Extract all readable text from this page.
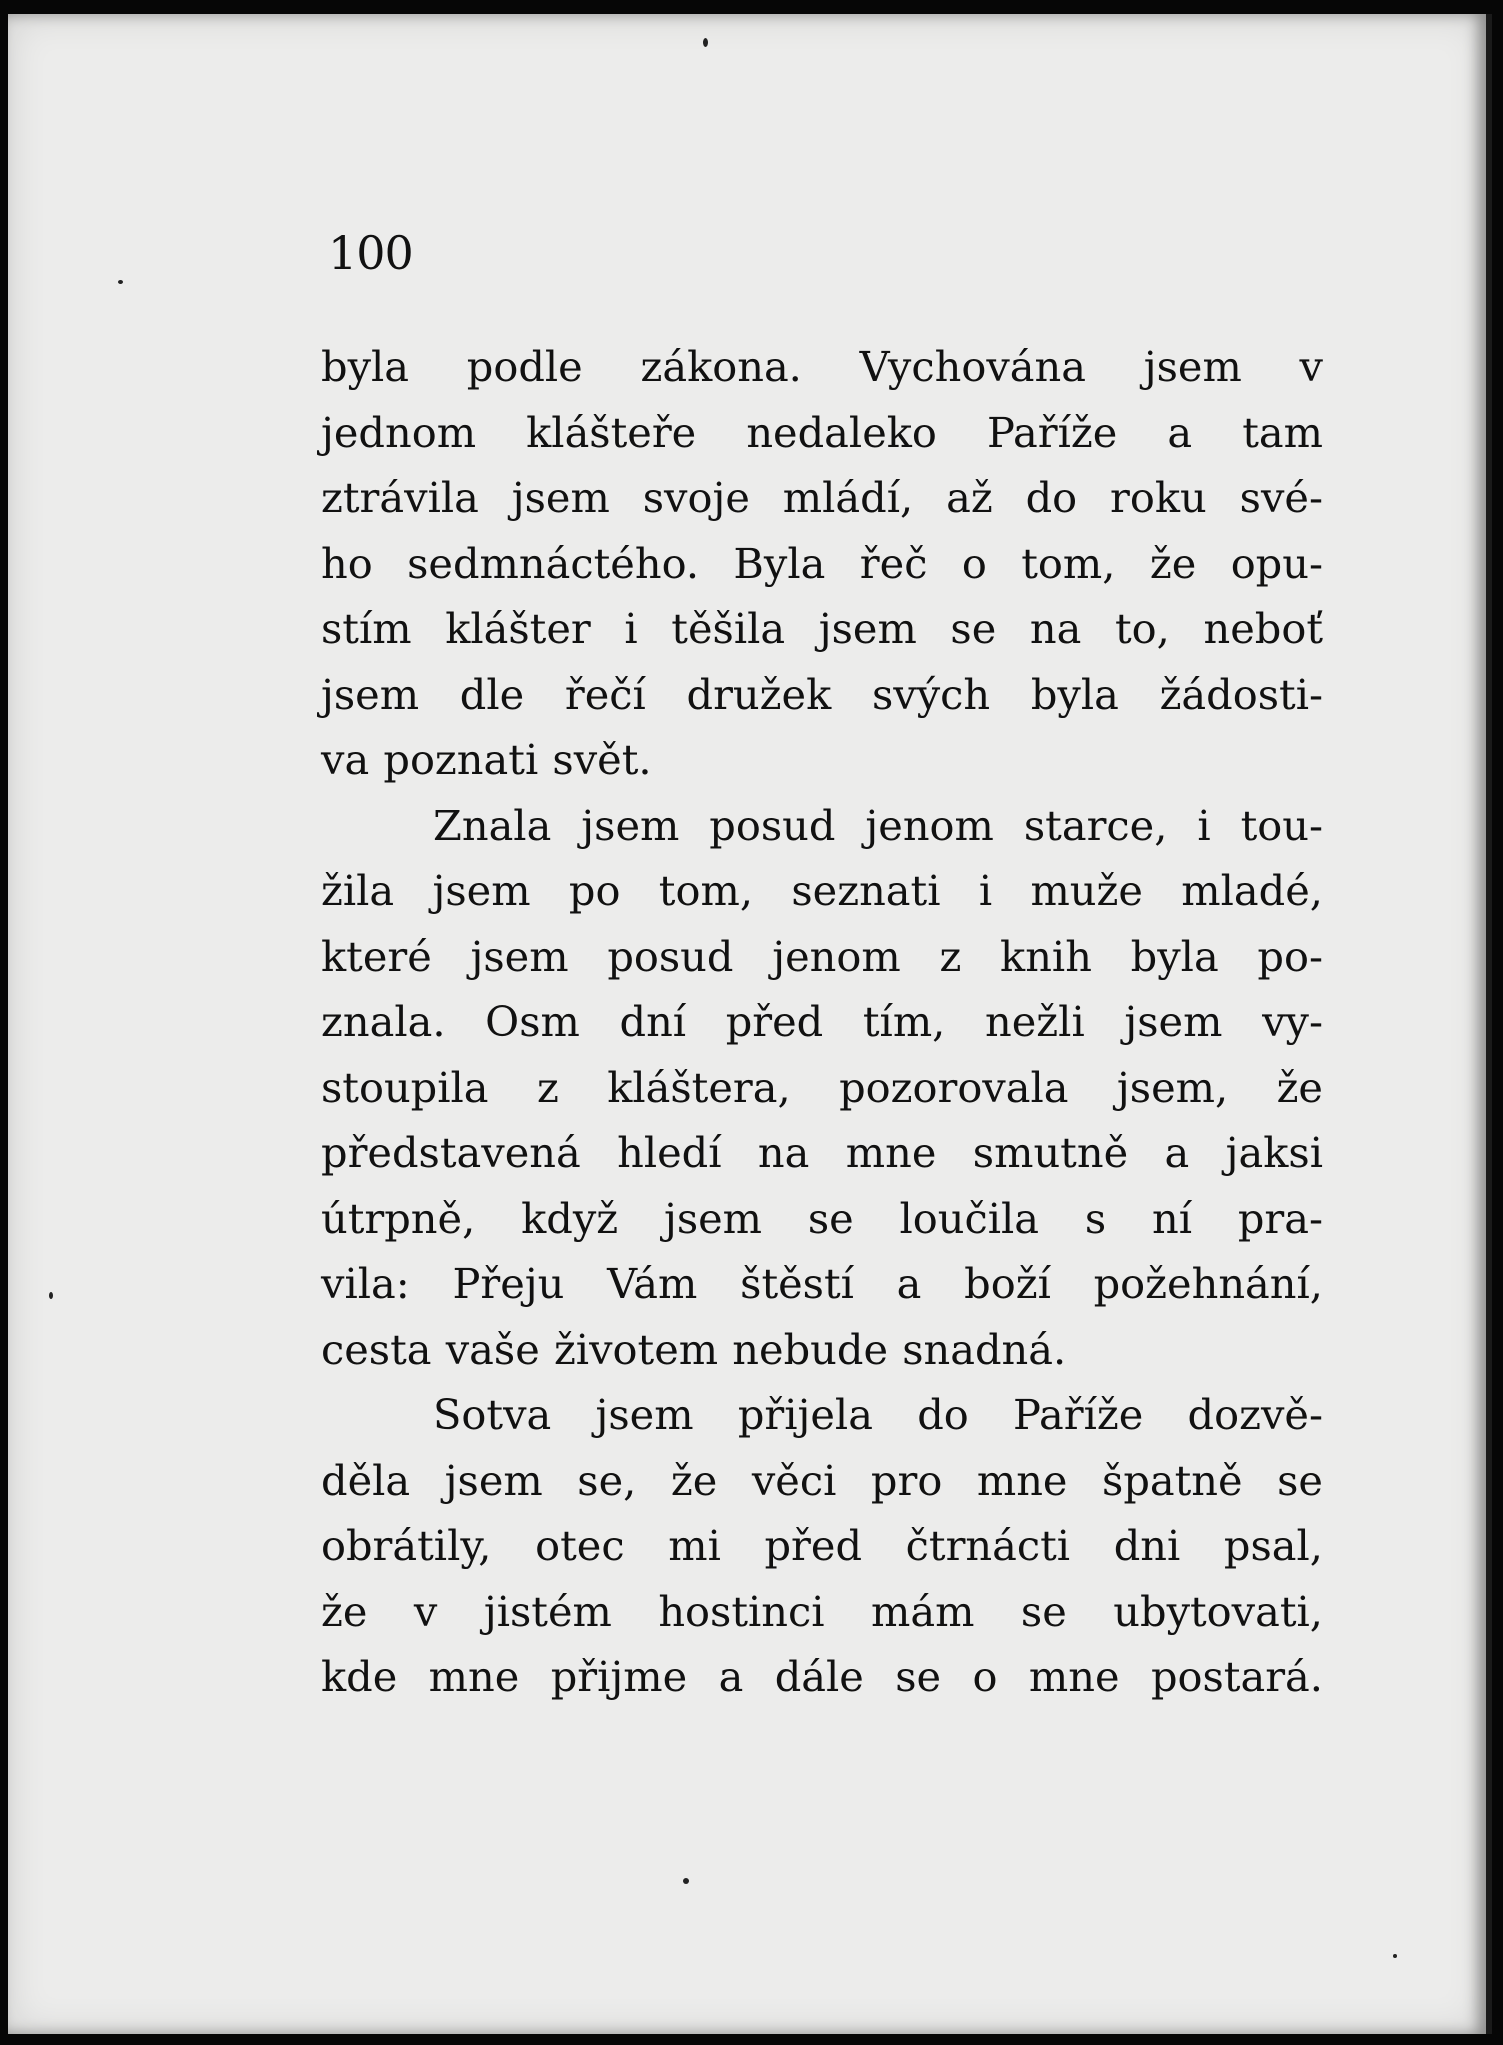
100
byla podle zákona. Vychována jsem v
jednom klášteře nedaleko Paříže a tam
ztrávila jsem svoje mládí, až do roku své-
ho sedmnáctého. Byla řeč o tom, že opu-
stím klášter i těšila jsem se na to, neboť
jsem dle řečí družek svých byla žádosti-
va poznati svět.
Znala jsem posud jenom starce, i tou-
žila jsem po tom, seznati i muže mladé,
které jsem posud jenom z knih byla po-
znala. Osm dní před tím, nežli jsem vy-
stoupila z kláštera, pozorovala jsem, že
představená hledí na mne smutně a jaksi
útrpně, když jsem se loučila s ní pra-
vila: Přeju Vám štěstí a boží požehnání,
cesta vaše životem nebude snadná.
Sotva jsem přijela do Paříže dozvě-
děla jsem se, že věci pro mne špatně se
obrátily, otec mi před čtrnácti dni psal,
že v jistém hostinci mám se ubytovati,
kde mne přijme a dále se o mne postará.
